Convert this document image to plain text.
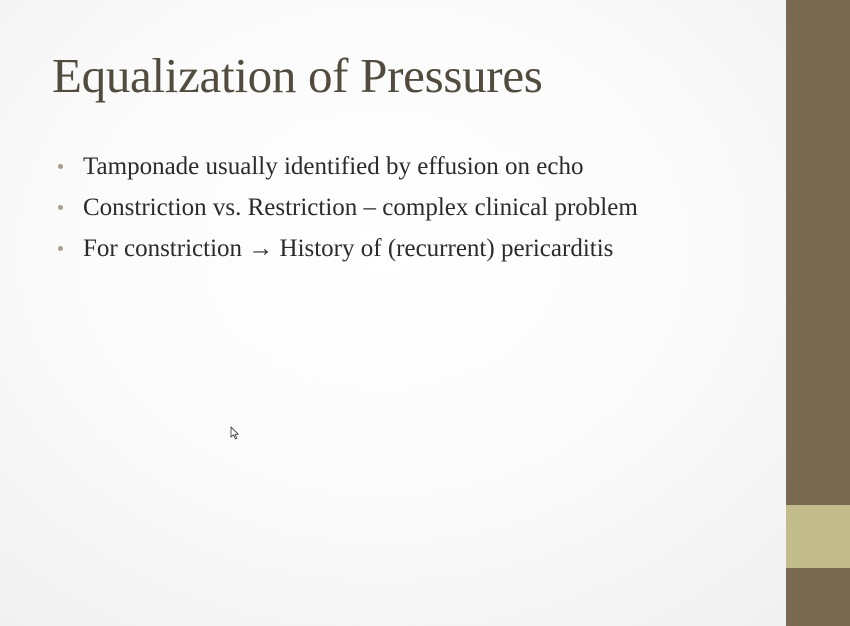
Equalization of Pressures
Tamponade usually identified by effusion on echo
Constriction vs. Restriction – complex clinical problem
For constriction → History of (recurrent) pericarditis
